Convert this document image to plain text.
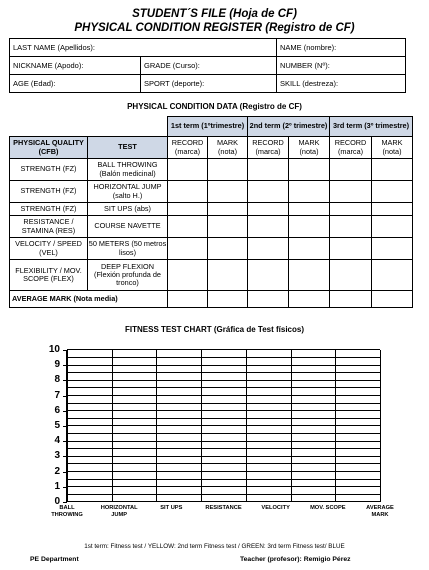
STUDENT´S FILE (Hoja de CF)
PHYSICAL CONDITION REGISTER (Registro de CF)
LAST NAME (Apellidos):		NAME (nombre):
NICKNAME (Apodo):	GRADE (Curso):	NUMBER (Nº):
AGE (Edad):	SPORT (deporte):	SKILL (destreza):
PHYSICAL CONDITION DATA (Registro de CF)
		1st term (1ºtrimestre)		2nd term (2º trimestre)		3rd term (3º trimestre)	
PHYSICAL QUALITY (CFB)	TEST	RECORD (marca)	MARK (nota)	RECORD (marca)	MARK (nota)	RECORD (marca)	MARK (nota)
STRENGTH (FZ)	BALL THROWING (Balón medicinal)						
STRENGTH (FZ)	HORIZONTAL JUMP (salto H.)						
STRENGTH (FZ)	SIT UPS (abs)						
RESISTANCE / STAMINA (RES)	COURSE NAVETTE						
VELOCITY / SPEED (VEL)	50 METERS (50 metros lisos)						
FLEXIBILITY / MOV. SCOPE (FLEX)	DEEP FLEXION (Flexión profunda de tronco)						
AVERAGE MARK (Nota media)							
FITNESS TEST CHART (Gráfica de Test físicos)
10
9
8
7
6
5
4
3
2
1
0
BALL THROWING
HORIZONTAL JUMP
SIT UPS	RESISTANCE	VELOCITY	MOV. SCOPE	AVERAGE MARK
1st term: Fitness test / YELLOW: 2nd term Fitness test / GREEN: 3rd term Fitness test/ BLUE
PE Department	Teacher (profesor): Remigio Pérez
